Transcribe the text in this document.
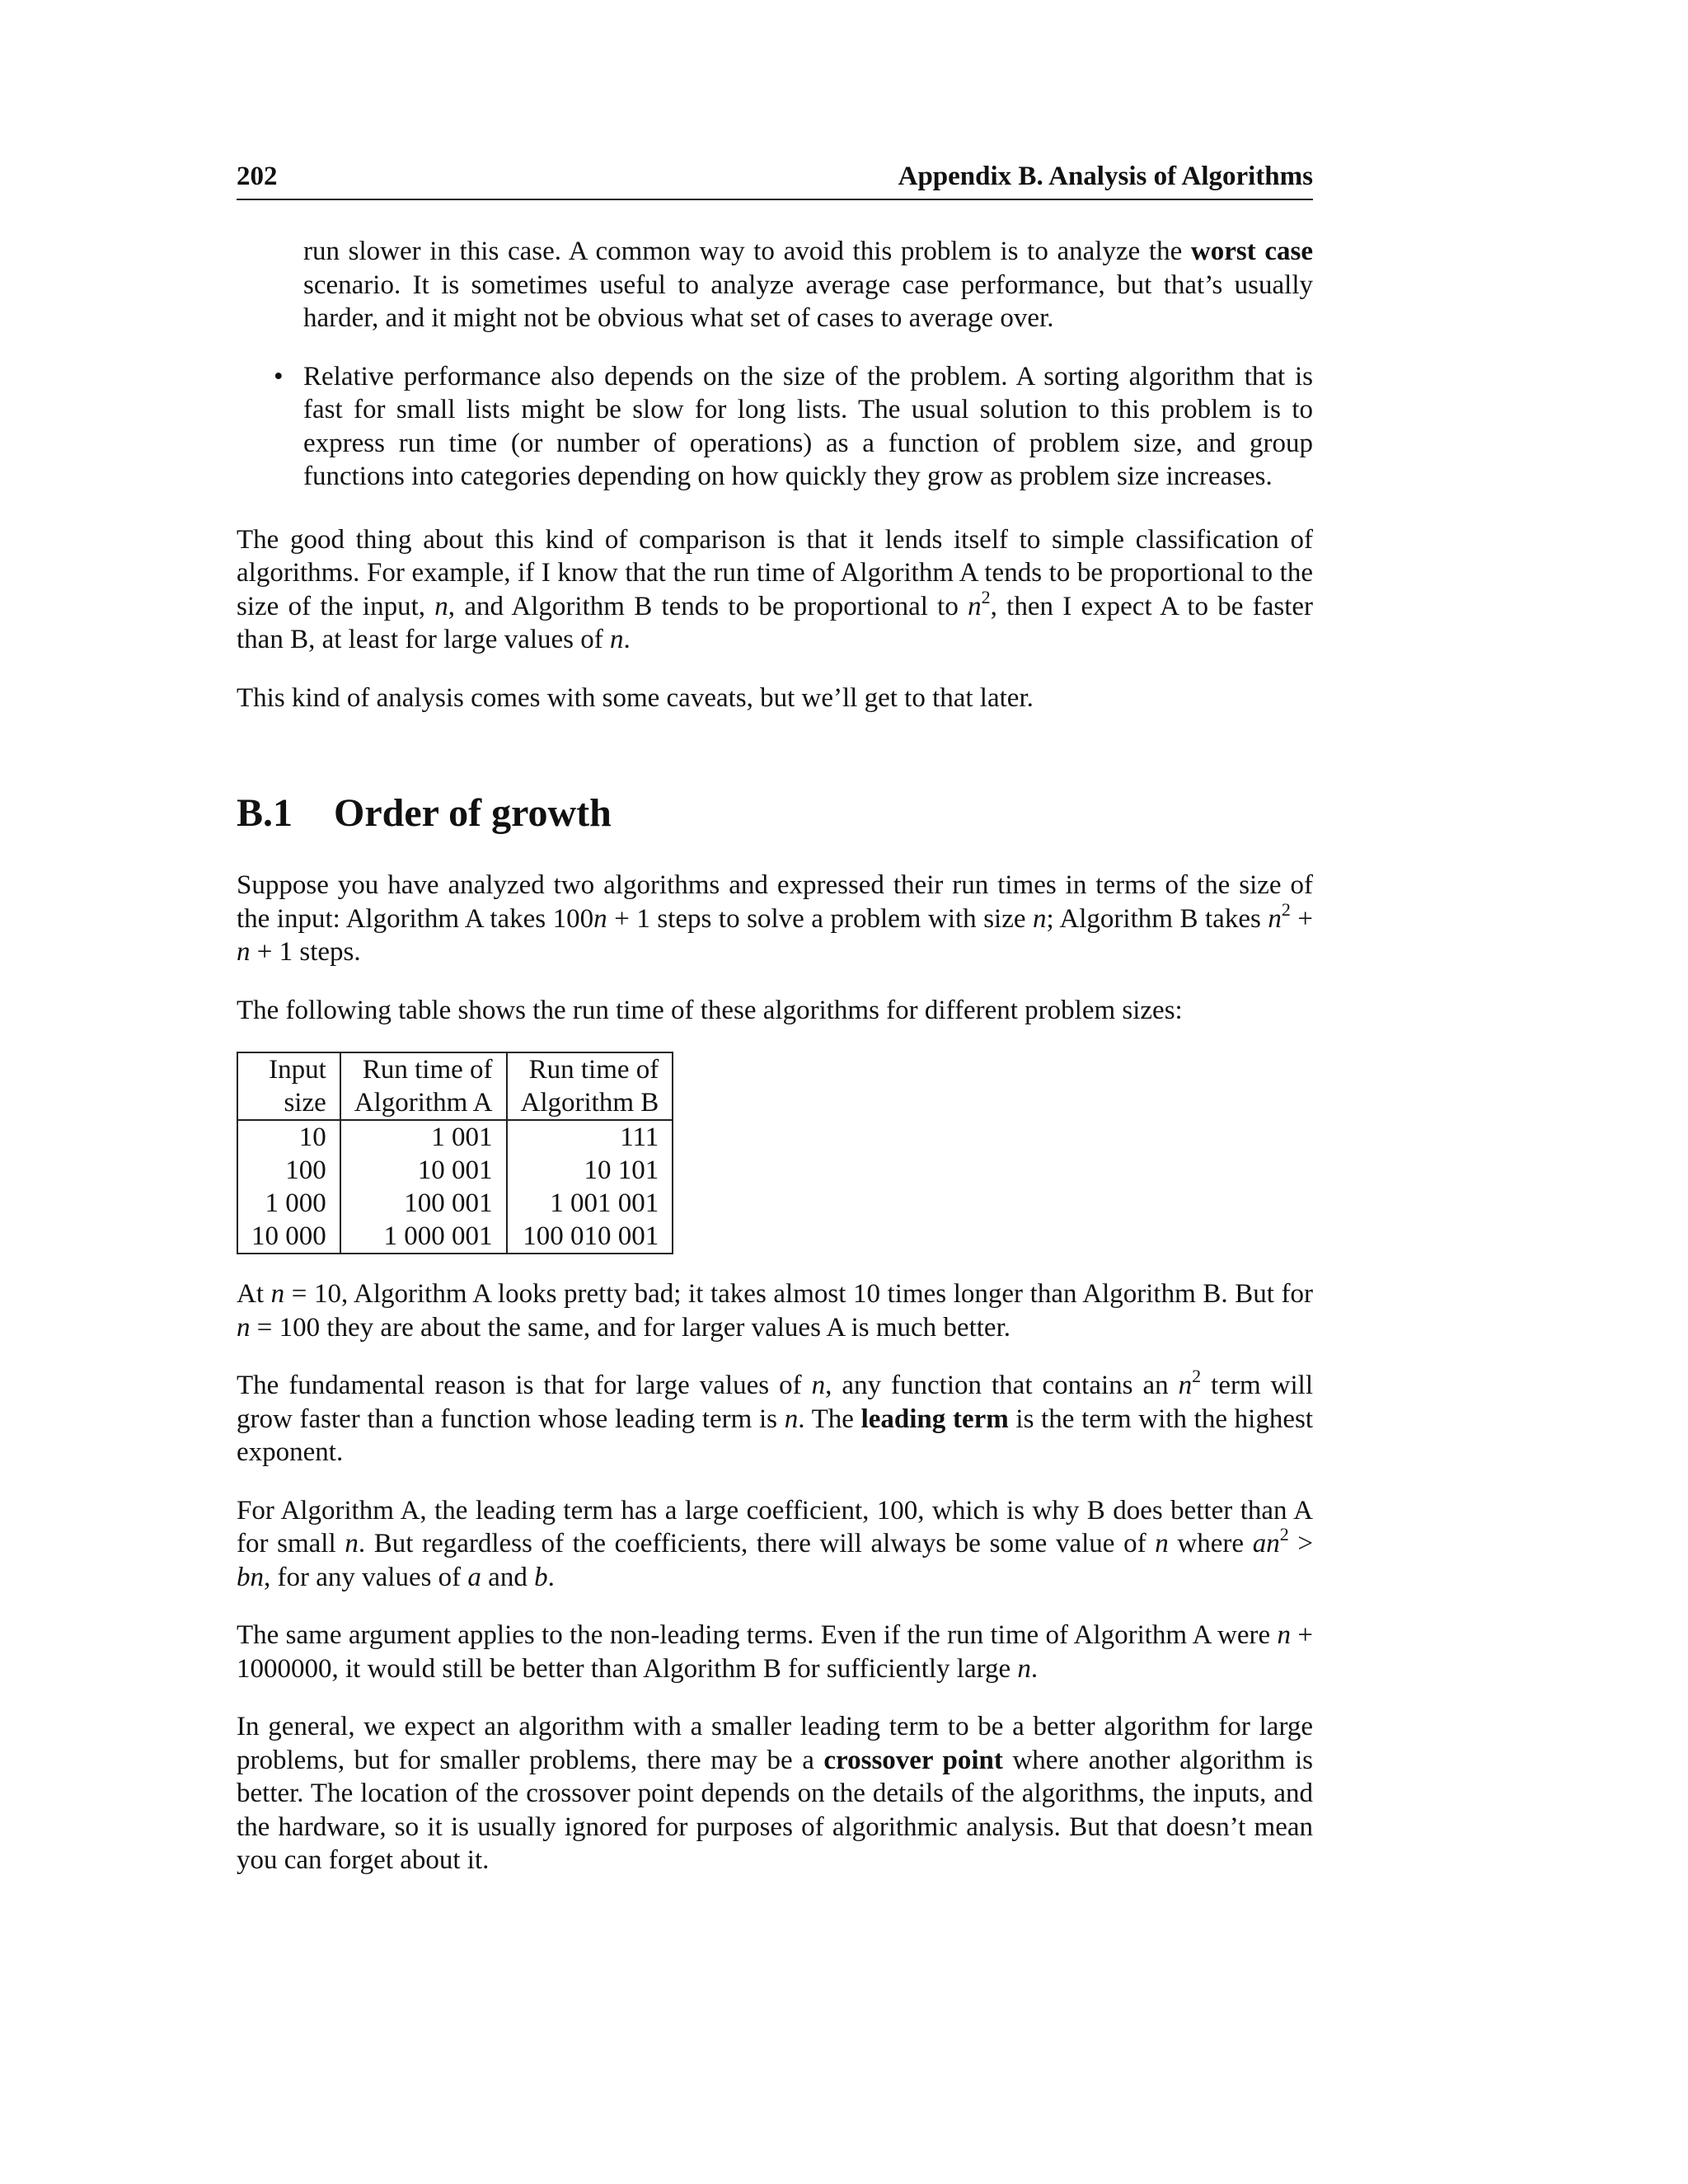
202	Appendix B. Analysis of Algorithms

run slower in this case. A common way to avoid this problem is to analyze the worst case scenario. It is sometimes useful to analyze average case performance, but that’s usually harder, and it might not be obvious what set of cases to average over.

• Relative performance also depends on the size of the problem. A sorting algorithm that is fast for small lists might be slow for long lists. The usual solution to this problem is to express run time (or number of operations) as a function of problem size, and group functions into categories depending on how quickly they grow as problem size increases.

The good thing about this kind of comparison is that it lends itself to simple classification of algorithms. For example, if I know that the run time of Algorithm A tends to be proportional to the size of the input, n, and Algorithm B tends to be proportional to $n^2$, then I expect A to be faster than B, at least for large values of n.

This kind of analysis comes with some caveats, but we’ll get to that later.

B.1 Order of growth

Suppose you have analyzed two algorithms and expressed their run times in terms of the size of the input: Algorithm A takes 100n + 1 steps to solve a problem with size n; Algorithm B takes $n^2 + n + 1$ steps.

The following table shows the run time of these algorithms for different problem sizes:

Input	Run time of	Run time of
size	Algorithm A	Algorithm B
10	1 001	111
100	10 001	10 101
1 000	100 001	1 001 001
10 000	1 000 001	100 010 001

At n = 10, Algorithm A looks pretty bad; it takes almost 10 times longer than Algorithm B. But for n = 100 they are about the same, and for larger values A is much better.

The fundamental reason is that for large values of n, any function that contains an $n^2$ term will grow faster than a function whose leading term is n. The leading term is the term with the highest exponent.

For Algorithm A, the leading term has a large coefficient, 100, which is why B does better than A for small n. But regardless of the coefficients, there will always be some value of n where $an^2$ > bn, for any values of a and b.

The same argument applies to the non-leading terms. Even if the run time of Algorithm A were n + 1000000, it would still be better than Algorithm B for sufficiently large n.

In general, we expect an algorithm with a smaller leading term to be a better algorithm for large problems, but for smaller problems, there may be a crossover point where another algorithm is better. The location of the crossover point depends on the details of the algorithms, the inputs, and the hardware, so it is usually ignored for purposes of algorithmic analysis. But that doesn’t mean you can forget about it.
